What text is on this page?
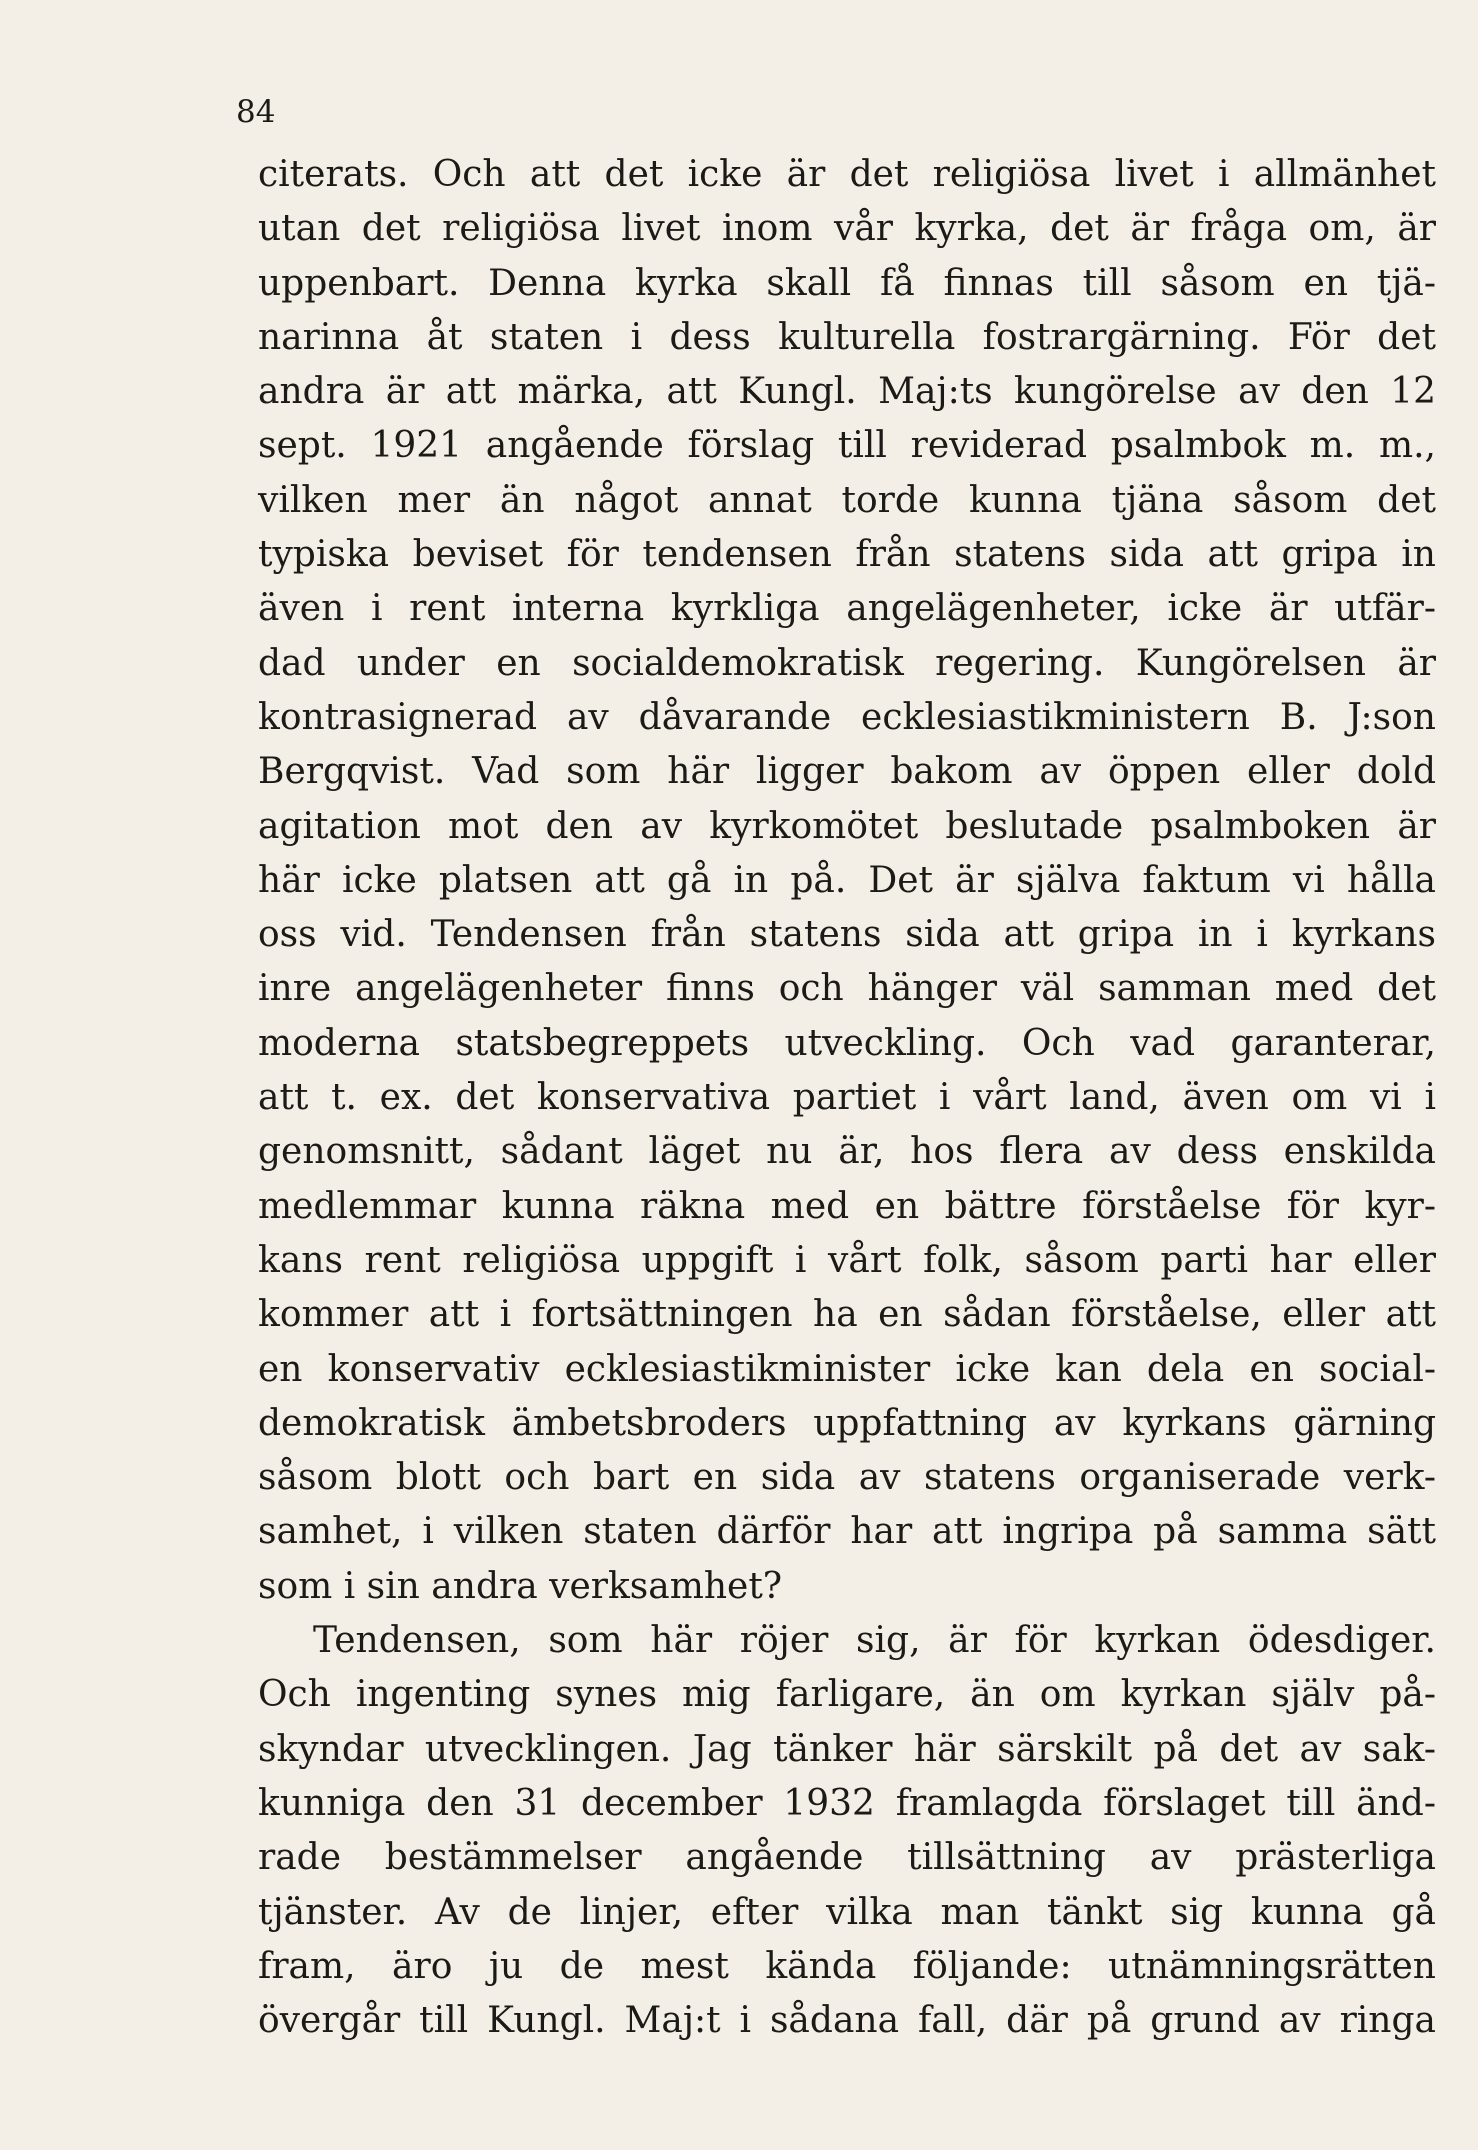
84
citerats. Och att det icke är det religiösa livet i allmänhet
utan det religiösa livet inom vår kyrka, det är fråga om, är
uppenbart. Denna kyrka skall få finnas till såsom en tjä-
narinna åt staten i dess kulturella fostrargärning. För det
andra är att märka, att Kungl. Maj:ts kungörelse av den 12
sept. 1921 angående förslag till reviderad psalmbok m. m.,
vilken mer än något annat torde kunna tjäna såsom det
typiska beviset för tendensen från statens sida att gripa in
även i rent interna kyrkliga angelägenheter, icke är utfär-
dad under en socialdemokratisk regering. Kungörelsen är
kontrasignerad av dåvarande ecklesiastikministern B. J:son
Bergqvist. Vad som här ligger bakom av öppen eller dold
agitation mot den av kyrkomötet beslutade psalmboken är
här icke platsen att gå in på. Det är själva faktum vi hålla
oss vid. Tendensen från statens sida att gripa in i kyrkans
inre angelägenheter finns och hänger väl samman med det
moderna statsbegreppets utveckling. Och vad garanterar,
att t. ex. det konservativa partiet i vårt land, även om vi i
genomsnitt, sådant läget nu är, hos flera av dess enskilda
medlemmar kunna räkna med en bättre förståelse för kyr-
kans rent religiösa uppgift i vårt folk, såsom parti har eller
kommer att i fortsättningen ha en sådan förståelse, eller att
en konservativ ecklesiastikminister icke kan dela en social-
demokratisk ämbetsbroders uppfattning av kyrkans gärning
såsom blott och bart en sida av statens organiserade verk-
samhet, i vilken staten därför har att ingripa på samma sätt
som i sin andra verksamhet?
Tendensen, som här röjer sig, är för kyrkan ödesdiger.
Och ingenting synes mig farligare, än om kyrkan själv på-
skyndar utvecklingen. Jag tänker här särskilt på det av sak-
kunniga den 31 december 1932 framlagda förslaget till änd-
rade bestämmelser angående tillsättning av prästerliga
tjänster. Av de linjer, efter vilka man tänkt sig kunna gå
fram, äro ju de mest kända följande: utnämningsrätten
övergår till Kungl. Maj:t i sådana fall, där på grund av ringa
